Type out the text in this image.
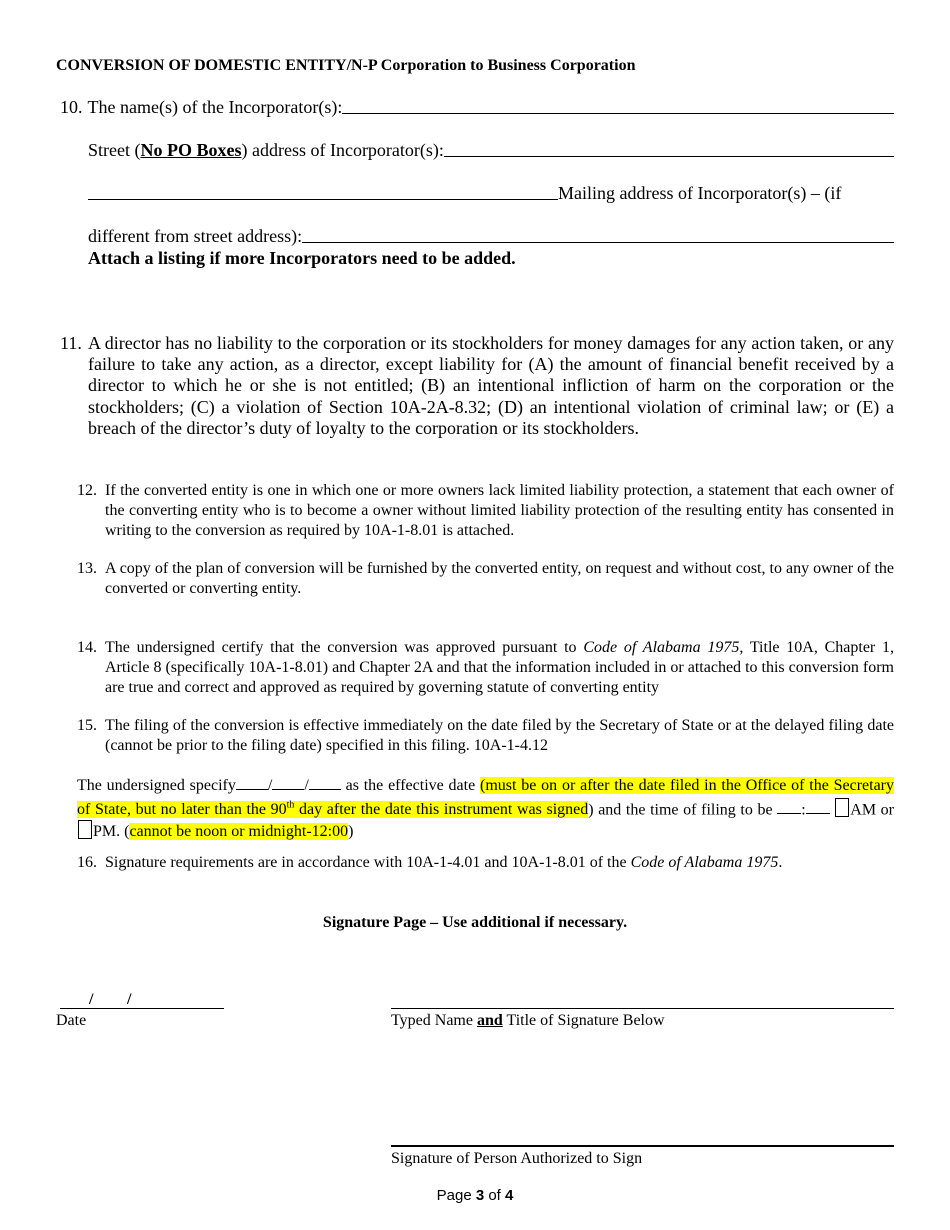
CONVERSION OF DOMESTIC ENTITY/N-P Corporation to Business Corporation
10. The name(s) of the Incorporator(s):
Street ( No PO Boxes ) address of Incorporator(s):
Mailing address of Incorporator(s) – (if
different from street address):
Attach a listing if more Incorporators need to be added.
11. A director has no liability to the corporation or its stockholders for money damages for any action taken, or any failure to take any action, as a director, except liability for (A) the amount of financial benefit received by a director to which he or she is not entitled; (B) an intentional infliction of harm on the corporation or the stockholders; (C) a violation of Section 10A-2A-8.32; (D) an intentional violation of criminal law; or (E) a breach of the director’s duty of loyalty to the corporation or its stockholders.
12. If the converted entity is one in which one or more owners lack limited liability protection, a statement that each owner of the converting entity who is to become a owner without limited liability protection of the resulting entity has consented in writing to the conversion as required by 10A-1-8.01 is attached.
13. A copy of the plan of conversion will be furnished by the converted entity, on request and without cost, to any owner of the converted or converting entity.
14. The undersigned certify that the conversion was approved pursuant to Code of Alabama 1975, Title 10A, Chapter 1, Article 8 (specifically 10A-1-8.01) and Chapter 2A and that the information included in or attached to this conversion form are true and correct and approved as required by governing statute of converting entity
15. The filing of the conversion is effective immediately on the date filed by the Secretary of State or at the delayed filing date (cannot be prior to the filing date) specified in this filing. 10A-1-4.12
The undersigned specify / / as the effective date (must be on or after the date filed in the Office of the Secretary of State, but no later than the 90th day after the date this instrument was signed) and the time of filing to be :	AM orPM. (cannot be noon or midnight-12:00)
16. Signature requirements are in accordance with 10A-1-4.01 and 10A-1-8.01 of the Code of Alabama 1975.
Signature Page – Use additional if necessary.
/ /
Date	Typed Name and Title of Signature Below
Signature of Person Authorized to Sign
Page 3 of 4
